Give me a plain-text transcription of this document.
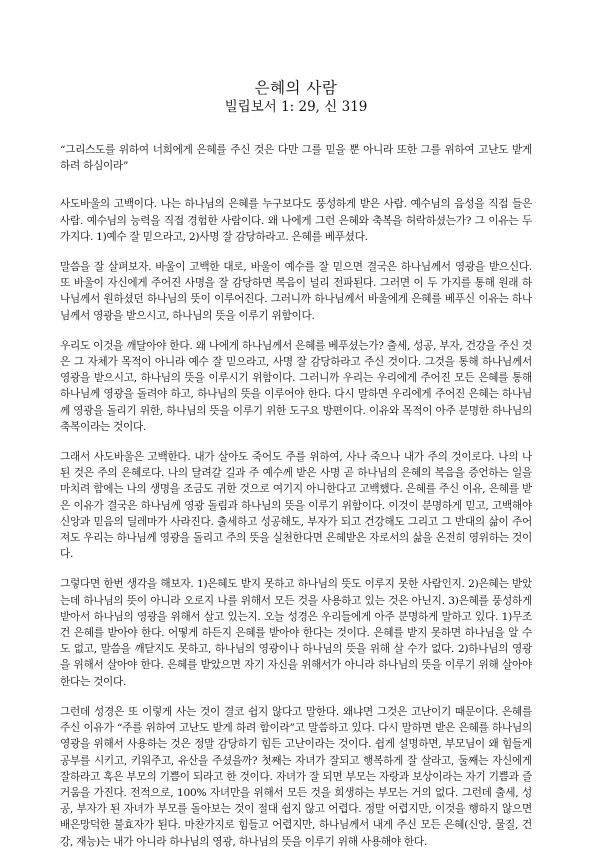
은혜의 사람
빌립보서 1: 29, 신 319

“그리스도를 위하여 너희에게 은혜를 주신 것은 다만 그를 믿을 뿐 아니라 또한 그를 위하여 고난도 받게 하려 하심이라”

사도바울의 고백이다. 나는 하나님의 은혜를 누구보다도 풍성하게 받은 사람. 예수님의 음성을 직접 들은 사람. 예수님의 능력을 직접 경험한 사람이다. 왜 나에게 그런 은혜와 축복을 허락하셨는가? 그 이유는 두 가지다. 1)예수 잘 믿으라고, 2)사명 잘 감당하라고. 은혜를 베푸셨다.

말씀을 잘 살펴보자. 바울이 고백한 대로, 바울이 예수를 잘 믿으면 결국은 하나님께서 영광을 받으신다. 또 바울이 자신에게 주어진 사명을 잘 감당하면 복음이 널리 전파된다. 그러면 이 두 가지를 통해 원래 하나님께서 원하셨던 하나님의 뜻이 이루어진다. 그러니까 하나님께서 바울에게 은혜를 베푸신 이유는 하나님께서 영광을 받으시고, 하나님의 뜻을 이루기 위함이다.

우리도 이것을 깨달아야 한다. 왜 나에게 하나님께서 은혜를 베푸셨는가? 출세, 성공, 부자, 건강을 주신 것은 그 자체가 목적이 아니라 예수 잘 믿으라고, 사명 잘 감당하라고 주신 것이다. 그것을 통해 하나님께서 영광을 받으시고, 하나님의 뜻을 이루시기 위함이다. 그러니까 우리는 우리에게 주어진 모든 은혜를 통해 하나님께 영광을 돌려야 하고, 하나님의 뜻을 이루어야 한다. 다시 말하면 우리에게 주어진 은혜는 하나님께 영광을 돌리기 위한, 하나님의 뜻을 이루기 위한 도구요 방편이다. 이유와 목적이 아주 분명한 하나님의 축복이라는 것이다.

그래서 사도바울은 고백한다. 내가 살아도 죽어도 주를 위하여, 사나 죽으나 내가 주의 것이로다. 나의 나 된 것은 주의 은혜로다. 나의 달려갈 길과 주 예수께 받은 사명 곧 하나님의 은혜의 복음을 증언하는 일을 마치려 함에는 나의 생명을 조금도 귀한 것으로 여기지 아니한다고 고백했다. 은혜를 주신 이유, 은혜를 받은 이유가 결국은 하나님께 영광 돌림과 하나님의 뜻을 이루기 위함이다. 이것이 분명하게 믿고, 고백해야 신앙과 믿음의 딜레마가 사라진다. 출세하고 성공해도, 부자가 되고 건강해도 그리고 그 반대의 삶이 주어져도 우리는 하나님께 영광을 돌리고 주의 뜻을 실천한다면 은혜받은 자로서의 삶을 온전히 영위하는 것이다.

그렇다면 한번 생각을 해보자. 1)은혜도 받지 못하고 하나님의 뜻도 이루지 못한 사람인지. 2)은혜는 받았는데 하나님의 뜻이 아니라 오로지 나를 위해서 모든 것을 사용하고 있는 것은 아닌지. 3)은혜를 풍성하게 받아서 하나님의 영광을 위해서 살고 있는지. 오늘 성경은 우리들에게 아주 분명하게 말하고 있다. 1)무조건 은혜를 받아야 한다. 어떻게 하든지 은혜를 받아야 한다는 것이다. 은혜를 받지 못하면 하나님을 알 수도 없고, 말씀을 깨닫지도 못하고, 하나님의 영광이나 하나님의 뜻을 위해 살 수가 없다. 2)하나님의 영광을 위해서 살아야 한다. 은혜를 받았으면 자기 자신을 위해서가 아니라 하나님의 뜻을 이루기 위해 살아야 한다는 것이다.

그런데 성경은 또 이렇게 사는 것이 결코 쉽지 않다고 말한다. 왜냐면 그것은 고난이기 때문이다. 은혜를 주신 이유가 “주를 위하여 고난도 받게 하려 함이라”고 말씀하고 있다. 다시 말하면 받은 은혜를 하나님의 영광을 위해서 사용하는 것은 정말 감당하기 힘든 고난이라는 것이다. 쉽게 설명하면, 부모님이 왜 힘들게 공부를 시키고, 키워주고, 유산을 주셨을까? 첫째는 자녀가 잘되고 행복하게 잘 살라고, 둘째는 자신에게 잘하라고 혹은 부모의 기쁨이 되라고 한 것이다. 자녀가 잘 되면 부모는 자랑과 보상이라는 자기 기쁨과 즐거움을 가진다. 전적으로, 100% 자녀만을 위해서 모든 것을 희생하는 부모는 거의 없다. 그런데 출세, 성공, 부자가 된 자녀가 부모를 돌아보는 것이 절대 쉽지 않고 어렵다. 정말 어렵지만, 이것을 행하지 않으면 배은망덕한 불효자가 된다. 마찬가지로 힘들고 어렵지만, 하나님께서 내게 주신 모든 은혜(신앙, 물질, 건강, 재능)는 내가 아니라 하나님의 영광, 하나님의 뜻을 이루기 위해 사용해야 한다.
